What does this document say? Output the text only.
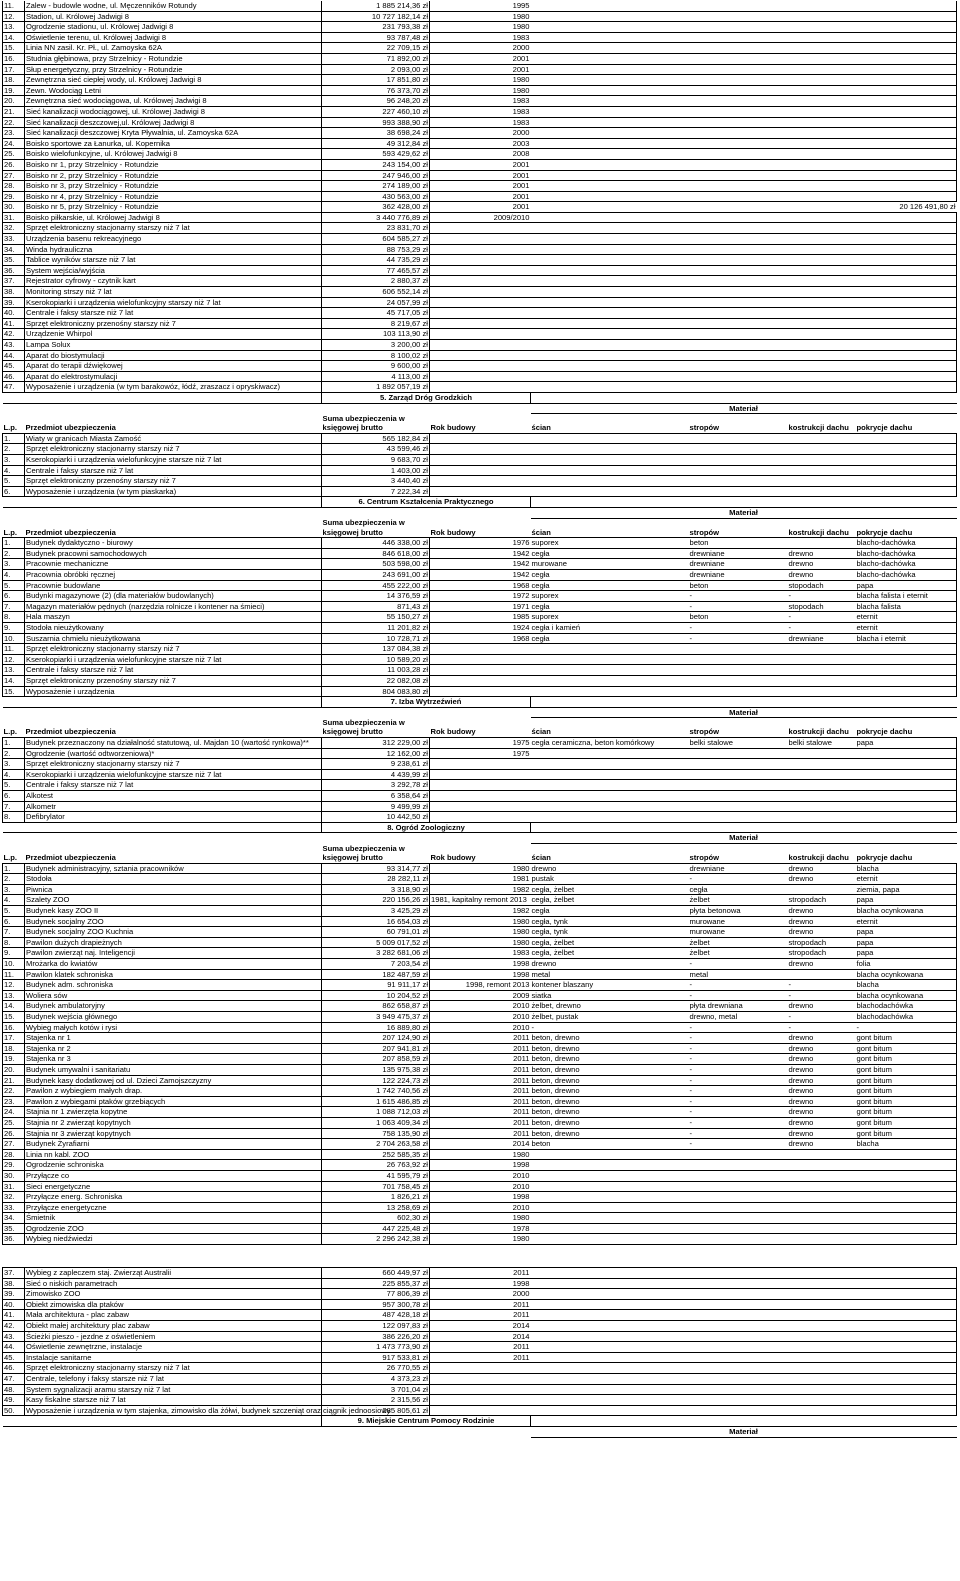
11.	Zalew - budowle wodne, ul. Męczenników Rotundy	1 885 214,36 zł	1995				
12.	Stadion, ul. Królowej Jadwigi 8	10 727 182,14 zł	1980				
13.	Ogrodzenie stadionu, ul. Królowej Jadwigi 8	231 793,38 zł	1980				
14.	Oświetlenie terenu, ul. Królowej Jadwigi 8	93 787,48 zł	1983				
15.	Linia NN zasil. Kr. Pł., ul. Zamoyska 62A	22 709,15 zł	2000				
16.	Studnia głębinowa, przy Strzelnicy - Rotundzie	71 892,00 zł	2001				
17.	Słup energetyczny, przy Strzelnicy - Rotundzie	2 093,00 zł	2001				
18.	Zewnętrzna sieć ciepłej wody, ul. Królowej Jadwigi 8	17 851,80 zł	1980				
19.	Zewn. Wodociąg Letni	76 373,70 zł	1980				
20.	Zewnętrzna sieć wodociągowa, ul. Królowej Jadwigi 8	96 248,20 zł	1983				
21.	Sieć kanalizacji wodociągowej, ul. Królowej Jadwigi 8	227 460,10 zł	1983				
22.	Sieć kanalizacji deszczowej,ul. Królowej Jadwigi 8	993 388,90 zł	1983				
23.	Sieć kanalizacji deszczowej Kryta Pływalnia, ul. Zamoyska 62A	38 698,24 zł	2000				
24.	Boisko sportowe za Łanurka, ul. Kopernika	49 312,84 zł	2003				
25.	Boisko wielofunkcyjne, ul. Królowej Jadwigi 8	593 429,62 zł	2008				
26.	Boisko nr 1, przy Strzelnicy - Rotundzie	243 154,00 zł	2001				
27.	Boisko nr 2, przy Strzelnicy - Rotundzie	247 946,00 zł	2001				
28.	Boisko nr 3, przy Strzelnicy - Rotundzie	274 189,00 zł	2001				
29.	Boisko nr 4, przy Strzelnicy - Rotundzie	430 563,00 zł	2001				
30.	Boisko nr 5, przy Strzelnicy - Rotundzie	362 428,00 zł	2001	20 126 491,80 zł			
31.	Boisko piłkarskie, ul. Królowej Jadwigi 8	3 440 776,89 zł	2009/2010				
32.	Sprzęt elektroniczny stacjonarny starszy niż 7 lat	23 831,70 zł					
33.	Urządzenia basenu rekreacyjnego	604 585,27 zł					
34.	Winda hydrauliczna	88 753,29 zł					
35.	Tablice wyników starsze niż 7 lat	44 735,29 zł					
36.	System wejścia/wyjścia	77 465,57 zł					
37.	Rejestrator cyfrowy - czytnik kart	2 880,37 zł					
38.	Monitoring strszy niż 7 lat	606 552,14 zł					
39.	Kserokopiarki i urządzenia wielofunkcyjny starszy niż 7 lat	24 057,99 zł					
40.	Centrale i faksy starsze niż 7 lat	45 717,05 zł					
41.	Sprzęt elektroniczny przenośny starszy niż 7	8 219,67 zł					
42.	Urządzenie Whirpol	103 113,90 zł					
43.	Lampa Solux	3 200,00 zł					
44.	Aparat do biostymulacji	8 100,02 zł					
45.	Aparat do terapii dźwiękowej	9 600,00 zł					
46.	Aparat do elektrostymulacji	4 113,00 zł					
47.	Wyposażenie i urządzenia (w tym barakowóz, łódź, zraszacz i opryskiwacz)	1 892 057,19 zł					
		5. Zarząd Dróg Grodzkich					
				Materiał			
L.p.	Przedmiot ubezpieczenia	Suma ubezpieczenia w
księgowej brutto	Rok budowy	ścian	stropów	kostrukcji dachu	pokrycje dachu
1.	Wiaty w granicach Miasta Zamość	565 182,84 zł					
2.	Sprzęt elektroniczny stacjonarny starszy niż 7	43 599,46 zł					
3.	Kserokopiarki i urządzenia wielofunkcyjne starsze niż 7 lat	9 683,70 zł					
4.	Centrale i faksy starsze niż 7 lat	1 403,00 zł					
5.	Sprzęt elektroniczny przenośny starszy niż 7	3 440,40 zł					
6.	Wyposażenie i urządzenia (w tym piaskarka)	7 222,34 zł					
		6. Centrum Kształcenia Praktycznego					
				Materiał			
L.p.	Przedmiot ubezpieczenia	Suma ubezpieczenia w
księgowej brutto	Rok budowy	ścian	stropów	kostrukcji dachu	pokrycje dachu
1.	Budynek dydaktyczno - biurowy	446 338,00 zł	1976	suporex	beton		blacho-dachówka
2.	Budynek pracowni samochodowych	846 618,00 zł	1942	cegła	drewniane	drewno	blacho-dachówka
3.	Pracownie mechaniczne	503 598,00 zł	1942	murowane	drewniane	drewno	blacho-dachówka
4.	Pracownia obróbki ręcznej	243 691,00 zł	1942	cegła	drewniane	drewno	blacho-dachówka
5.	Pracownie budowlane	455 222,00 zł	1968	cegła	beton	stopodach	papa
6.	Budynki magazynowe (2) (dla materiałów budowlanych)	14 376,59 zł	1972	suporex	-	-	blacha falista i eternit
7.	Magazyn materiałów pędnych (narzędzia rolnicze i kontener na śmieci)	871,43 zł	1971	cegła	-	stopodach	blacha falista
8.	Hala maszyn	55 150,27 zł	1985	suporex	beton	-	eternit
9.	Stodoła nieużytkowany	11 201,82 zł	1924	cegła i kamień	-	-	eternit
10.	Suszarnia chmielu nieużytkowana	10 728,71 zł	1968	cegła	-	drewniane	blacha i eternit
11.	Sprzęt elektroniczny stacjonarny starszy niż 7	137 084,38 zł					
12.	Kserokopiarki i urządzenia wielofunkcyjne starsze niż 7 lat	10 589,20 zł					
13.	Centrale i faksy starsze niż 7 lat	11 003,28 zł					
14.	Sprzęt elektroniczny przenośny starszy niż 7	22 082,08 zł					
15.	Wyposażenie i urządzenia	804 083,80 zł					
		7. Izba Wytrzeźwień					
				Materiał			
L.p.	Przedmiot ubezpieczenia	Suma ubezpieczenia w
księgowej brutto	Rok budowy	ścian	stropów	kostrukcji dachu	pokrycje dachu
1.	Budynek przeznaczony na działalność statutową, ul. Majdan 10 (wartość rynkowa)**	312 229,00 zł	1975	cegła ceramiczna, beton komórkowy	belki stalowe	belki stalowe	papa
2.	Ogrodzenie (wartość odtworzeniowa)*	12 162,00 zł	1975				
3.	Sprzęt elektroniczny stacjonarny starszy niż 7	9 238,61 zł					
4.	Kserokopiarki i urządzenia wielofunkcyjne starsze niż 7 lat	4 439,99 zł					
5.	Centrale i faksy starsze niż 7 lat	3 292,78 zł					
6.	Alkotest	6 358,64 zł					
7.	Alkometr	9 499,99 zł					
8.	Defibrylator	10 442,50 zł					
		8. Ogród Zoologiczny					
				Materiał			
L.p.	Przedmiot ubezpieczenia	Suma ubezpieczenia w
księgowej brutto	Rok budowy	ścian	stropów	kostrukcji dachu	pokrycje dachu
1.	Budynek administracyjny, sztania pracowników	93 314,77 zł	1980	drewno	drewniane	drewno	blacha
2.	Stodoła	28 282,11 zł	1981	pustak	-	drewno	eternit
3.	Piwnica	3 318,90 zł	1982	cegła, żelbet	cegła		ziemia, papa
4.	Szalety ZOO	220 156,26 zł	1981, kapitalny remont 2013	cegła, żelbet	żelbet	stropodach	papa
5.	Budynek kasy ZOO II	3 425,29 zł	1982	cegła	płyta betonowa	drewno	blacha ocynkowana
6.	Budynek socjalny ZOO	16 654,03 zł	1980	cegła, tynk	murowane	drewno	eternit
7.	Budynek socjalny ZOO Kuchnia	60 791,01 zł	1980	cegła, tynk	murowane	drewno	papa
8.	Pawilon dużych drapieżnych	5 009 017,52 zł	1980	cegła, żelbet	żelbet	stropodach	papa
9.	Pawilon zwierząt naj. Inteligencji	3 282 681,06 zł	1983	cegła, żelbet	żelbet	stropodach	papa
10.	Mrożarka do kwiatów	7 203,54 zł	1998	drewno	-	drewno	folia
11.	Pawilon klatek schroniska	182 487,59 zł	1998	metal	metal		blacha ocynkowana
12.	Budynek adm. schroniska	91 911,17 zł	1998, remont 2013	kontener blaszany	-	-	blacha
13.	Woliera sów	10 204,52 zł	2009	siatka	-	-	blacha ocynkowana
14.	Budynek ambulatoryjny	862 658,87 zł	2010	żelbet, drewno	płyta drewniana	drewno	blachodachówka
15.	Budynek wejścia głównego	3 949 475,37 zł	2010	żelbet, pustak	drewno, metal	-	blachodachówka
16.	Wybieg małych kotów i rysi	16 889,80 zł	2010	-	-	-	-
17.	Stajenka nr 1	207 124,90 zł	2011	beton, drewno	-	drewno	gont bitum
18.	Stajenka nr 2	207 941,81 zł	2011	beton, drewno	-	drewno	gont bitum
19.	Stajenka nr 3	207 858,59 zł	2011	beton, drewno	-	drewno	gont bitum
20.	Budynek umywalni i sanitariatu	135 975,38 zł	2011	beton, drewno	-	drewno	gont bitum
21.	Budynek kasy dodatkowej od ul. Dzieci Zamojszczyzny	122 224,73 zł	2011	beton, drewno	-	drewno	gont bitum
22.	Pawilon z wybiegiem małych drap.	1 742 740,56 zł	2011	beton, drewno	-	drewno	gont bitum
23.	Pawilon z wybiegami ptaków grzebiących	1 615 486,85 zł	2011	beton, drewno	-	drewno	gont bitum
24.	Stajnia nr 1 zwierzęta kopytne	1 088 712,03 zł	2011	beton, drewno	-	drewno	gont bitum
25.	Stajnia nr 2 zwierząt kopytnych	1 063 409,34 zł	2011	beton, drewno	-	drewno	gont bitum
26.	Stajnia nr 3 zwierząt kopytnych	758 135,90 zł	2011	beton, drewno	-	drewno	gont bitum
27.	Budynek Żyrafiarni	2 704 263,58 zł	2014	beton	-	drewno	blacha
28.	Linia nn kabl. ZOO	252 585,35 zł	1980				
29.	Ogrodzenie schroniska	26 763,92 zł	1998				
30.	Przyłącze co	41 595,79 zł	2010				
31.	Sieci energetyczne	701 758,45 zł	2010				
32.	Przyłącze energ. Schroniska	1 826,21 zł	1998				
33.	Przyłącze energetyczne	13 258,69 zł	2010				
34.	Śmietnik	602,30 zł	1980				
35.	Ogrodzenie ZOO	447 225,48 zł	1978				
36.	Wybieg niedźwiedzi	2 296 242,38 zł	1980				

37.	Wybieg z zapleczem staj. Zwierząt Australii	660 449,97 zł	2011				
38.	Sieć o niskich parametrach	225 855,37 zł	1998				
39.	Zimowisko ZOO	77 806,39 zł	2000				
40.	Obiekt zimowiska dla ptaków	957 300,78 zł	2011				
41.	Mała architektura - plac zabaw	487 428,18 zł	2011				
42.	Obiekt małej architektury plac zabaw	122 097,83 zł	2014				
43.	Ścieżki pieszo - jezdne z oświetleniem	386 226,20 zł	2014				
44.	Oświetlenie zewnętrzne, instalacje	1 473 773,90 zł	2011				
45.	Instalacje sanitarne	917 533,81 zł	2011				
46.	Sprzęt elektroniczny stacjonarny starszy niż 7 lat	26 770,55 zł					
47.	Centrale, telefony i faksy starsze niż 7 lat	4 373,23 zł					
48.	System sygnalizacji aramu starszy niż 7 lat	3 701,04 zł					
49.	Kasy fiskalne starsze niż 7 lat	2 315,56 zł					
50.	Wyposażenie i urządzenia w tym stajenka, zimowisko dla żółwi, budynek szczeniąt oraz ciągnik jednoosiowy	285 805,61 zł					
		9. Miejskie Centrum Pomocy Rodzinie					
				Materiał			
